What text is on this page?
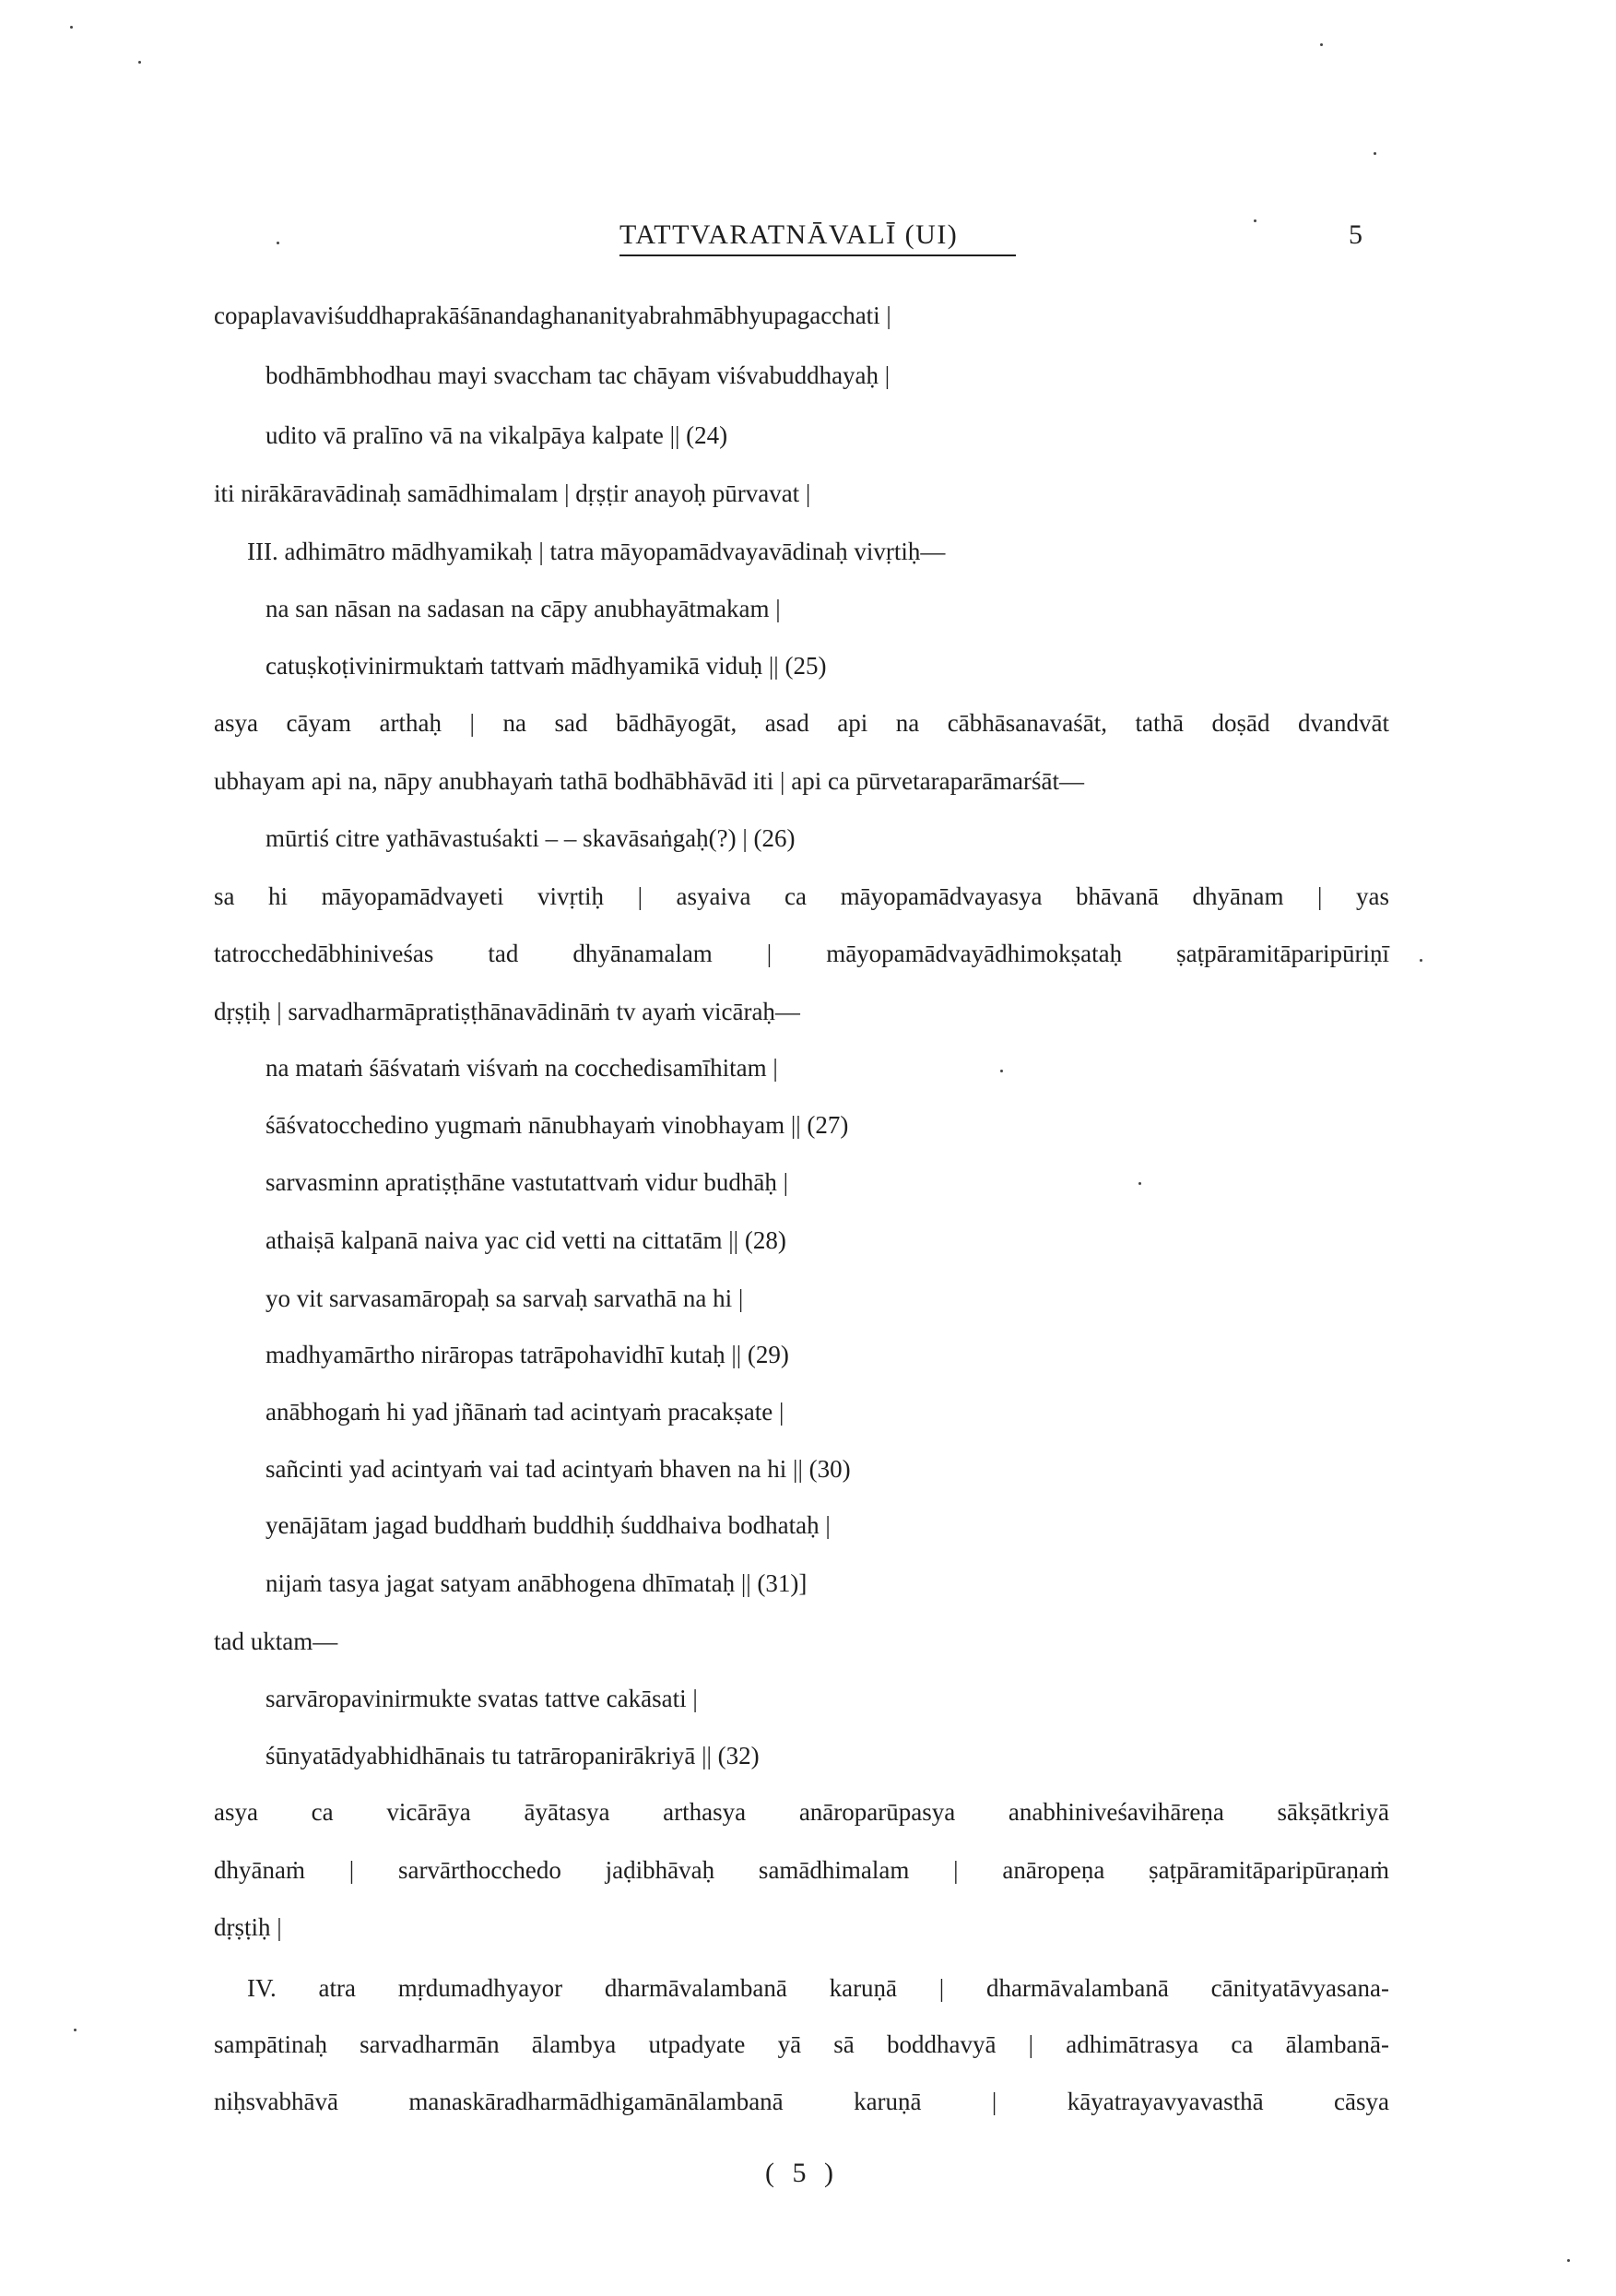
TATTVARATNĀVALĪ (UI)	5
copaplavaviśuddhaprakāśānandaghananityabrahmābhyupagacchati |
bodhāmbhodhau mayi svaccham tac chāyam viśvabuddhayaḥ |
udito vā pralīno vā na vikalpāya kalpate || (24)
iti nirākāravādinaḥ samādhimalam | dṛṣṭir anayoḥ pūrvavat |
III. adhimātro mādhyamikaḥ | tatra māyopamādvayavādinaḥ vivṛtiḥ—
na san nāsan na sadasan na cāpy anubhayātmakam |
catuṣkoṭivinirmuktaṁ tattvaṁ mādhyamikā viduḥ || (25)
asya cāyam arthaḥ | na sad bādhāyogāt, asad api na cābhāsanavaśāt, tathā doṣād dvandvāt
ubhayam api na, nāpy anubhayaṁ tathā bodhābhāvād iti | api ca pūrvetaraparāmarśāt—
mūrtiś citre yathāvastuśakti – – skavāsaṅgaḥ(?) | (26)
sa hi māyopamādvayeti vivṛtiḥ | asyaiva ca māyopamādvayasya bhāvanā dhyānam | yas
tatrocchedābhiniveśas tad dhyānamalam | māyopamādvayādhimokṣataḥ ṣaṭpāramitāparipūriṇī
dṛṣṭiḥ | sarvadharmāpratiṣṭhānavādināṁ tv ayaṁ vicāraḥ—
na mataṁ śāśvataṁ viśvaṁ na cocchedisamīhitam |
śāśvatocchedino yugmaṁ nānubhayaṁ vinobhayam || (27)
sarvasminn apratiṣṭhāne vastutattvaṁ vidur budhāḥ |
athaiṣā kalpanā naiva yac cid vetti na cittatām || (28)
yo vit sarvasamāropaḥ sa sarvaḥ sarvathā na hi |
madhyamārtho nirāropas tatrāpohavidhī kutaḥ || (29)
anābhogaṁ hi yad jñānaṁ tad acintyaṁ pracakṣate |
sañcinti yad acintyaṁ vai tad acintyaṁ bhaven na hi || (30)
yenājātam jagad buddhaṁ buddhiḥ śuddhaiva bodhataḥ |
nijaṁ tasya jagat satyam anābhogena dhīmataḥ || (31)]
tad uktam—
sarvāropavinirmukte svatas tattve cakāsati |
śūnyatādyabhidhānais tu tatrāropanirākriyā || (32)
asya ca vicārāya āyātasya arthasya anāroparūpasya anabhiniveśavihāreṇa sākṣātkriyā
dhyānaṁ | sarvārthocchedo jaḍibhāvaḥ samādhimalam | anāropeṇa ṣaṭpāramitāparipūraṇaṁ
dṛṣṭiḥ |
IV. atra mṛdumadhyayor dharmāvalambanā karuṇā | dharmāvalambanā cānityatāvyasana-
sampātinaḥ sarvadharmān ālambya utpadyate yā sā boddhavyā | adhimātrasya ca ālambanā-
niḥsvabhāvā manaskāradharmādhigamānālambanā karuṇā | kāyatrayavyavasthā cāsya
( 5 )
